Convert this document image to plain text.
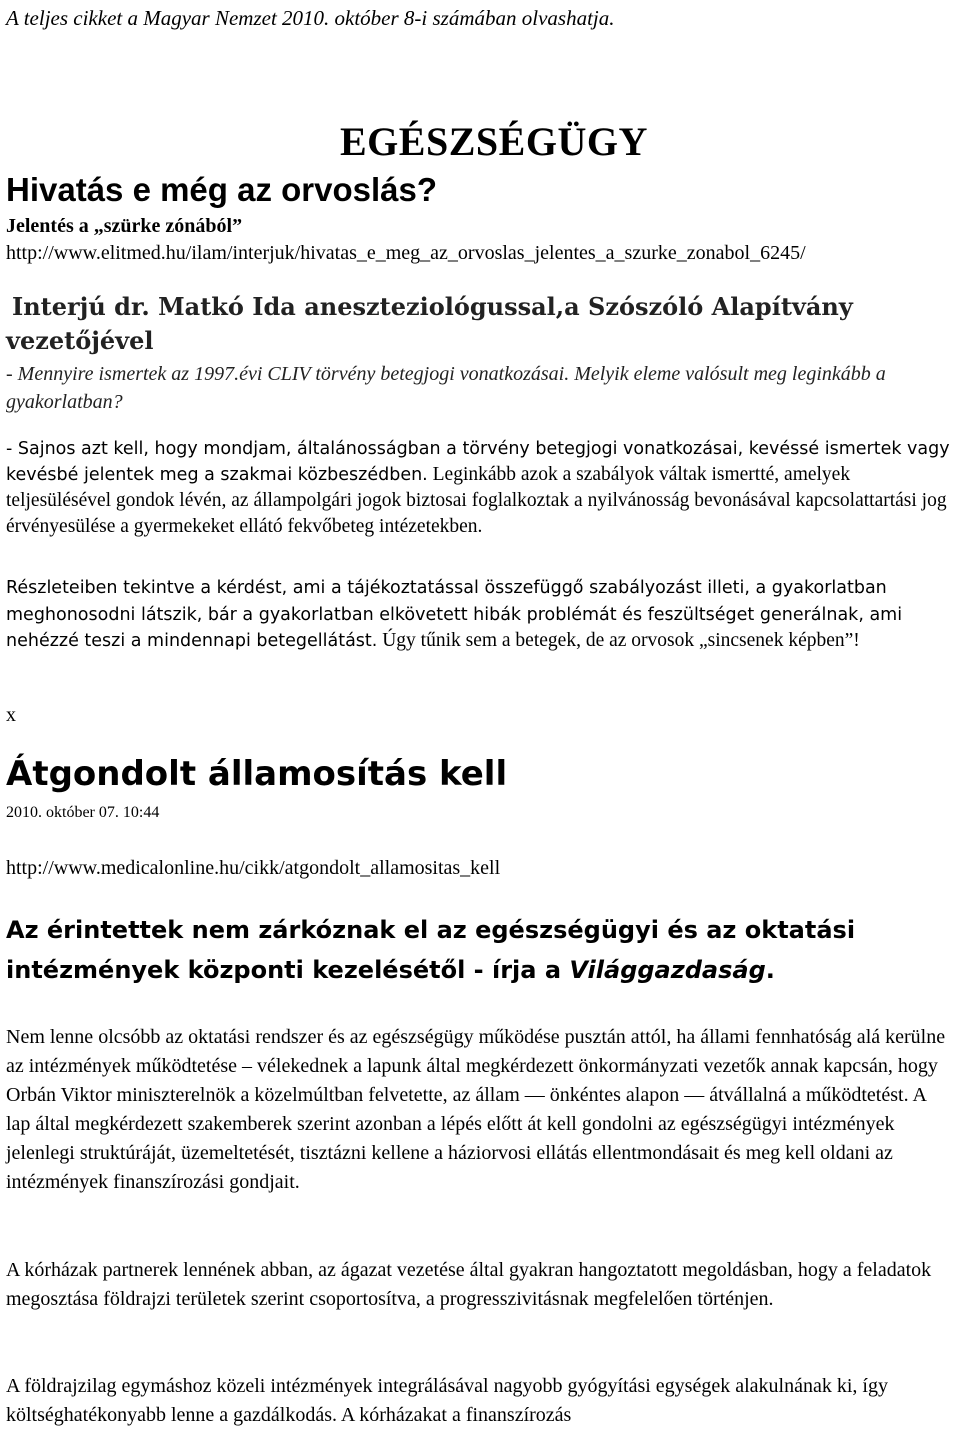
A teljes cikket a Magyar Nemzet 2010. október 8-i számában olvashatja.
EGÉSZSÉGÜGY
Hivatás e még az orvoslás?
Jelentés a „szürke zónából”
http://www.elitmed.hu/ilam/interjuk/hivatas_e_meg_az_orvoslas_jelentes_a_szurke_zonabol_6245/
Interjú dr. Matkó Ida aneszteziológussal,a Szószóló Alapítvány
vezetőjével
- Mennyire ismertek az 1997.évi CLIV törvény betegjogi vonatkozásai. Melyik eleme valósult meg leginkább a gyakorlatban?
- Sajnos azt kell, hogy mondjam, általánosságban a törvény betegjogi vonatkozásai, kevéssé ismertek vagy kevésbé jelentek meg a szakmai közbeszédben. Leginkább azok a szabályok váltak ismertté, amelyek teljesülésével gondok lévén, az állampolgári jogok biztosai foglalkoztak a nyilvánosság bevonásával kapcsolattartási jog érvényesülése a gyermekeket ellátó fekvőbeteg intézetekben.
Részleteiben tekintve a kérdést, ami a tájékoztatással összefüggő szabályozást illeti, a gyakorlatban meghonosodni látszik, bár a gyakorlatban elkövetett hibák problémát és feszültséget generálnak, ami nehézzé teszi a mindennapi betegellátást. Úgy tűnik sem a betegek, de az orvosok „sincsenek képben”!
x
Átgondolt államosítás kell
2010. október 07. 10:44
http://www.medicalonline.hu/cikk/atgondolt_allamositas_kell
Az érintettek nem zárkóznak el az egészségügyi és az oktatási intézmények központi kezelésétől - írja a Világgazdaság.
Nem lenne olcsóbb az oktatási rendszer és az egészségügy működése pusztán attól, ha állami fennhatóság alá kerülne az intézmények működtetése – vélekednek a lapunk által megkérdezett önkormányzati vezetők annak kapcsán, hogy Orbán Viktor miniszterelnök a közelmúltban felvetette, az állam ― önkéntes alapon ― átvállalná a működtetést. A lap által megkérdezett szakemberek szerint azonban a lépés előtt át kell gondolni az egészségügyi intézmények jelenlegi struktúráját, üzemeltetését, tisztázni kellene a háziorvosi ellátás ellentmondásait és meg kell oldani az intézmények finanszírozási gondjait.
A kórházak partnerek lennének abban, az ágazat vezetése által gyakran hangoztatott megoldásban, hogy a feladatok megosztása földrajzi területek szerint csoportosítva, a progresszivitásnak megfelelően történjen.
A földrajzilag egymáshoz közeli intézmények integrálásával nagyobb gyógyítási egységek alakulnának ki, így költséghatékonyabb lenne a gazdálkodás. A kórházakat a finanszírozás
